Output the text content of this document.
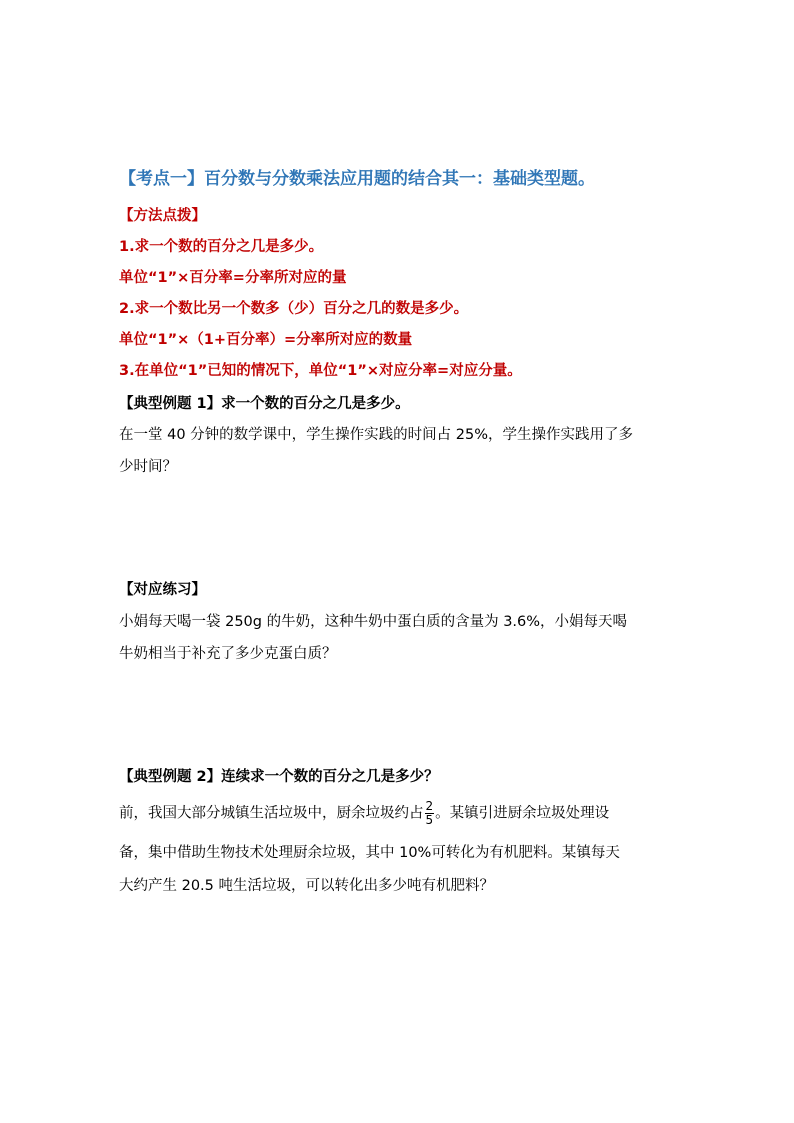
【考点一】百分数与分数乘法应用题的结合其一：基础类型题。
【方法点拨】
1.求一个数的百分之几是多少。
单位“1”×百分率=分率所对应的量
2.求一个数比另一个数多（少）百分之几的数是多少。
单位“1”×（1+百分率）=分率所对应的数量
3.在单位“1”已知的情况下，单位“1”×对应分率=对应分量。
【典型例题 1】求一个数的百分之几是多少。
在一堂 40 分钟的数学课中，学生操作实践的时间占 25%，学生操作实践用了多
少时间？
【对应练习】
小娟每天喝一袋 250g 的牛奶，这种牛奶中蛋白质的含量为 3.6%，小娟每天喝
牛奶相当于补充了多少克蛋白质？
【典型例题 2】连续求一个数的百分之几是多少？
前，我国大部分城镇生活垃圾中，厨余垃圾约占 $\frac{2}{5}$ 。某镇引进厨余垃圾处理设
备，集中借助生物技术处理厨余垃圾，其中 10%可转化为有机肥料。某镇每天
大约产生 20.5 吨生活垃圾，可以转化出多少吨有机肥料？
